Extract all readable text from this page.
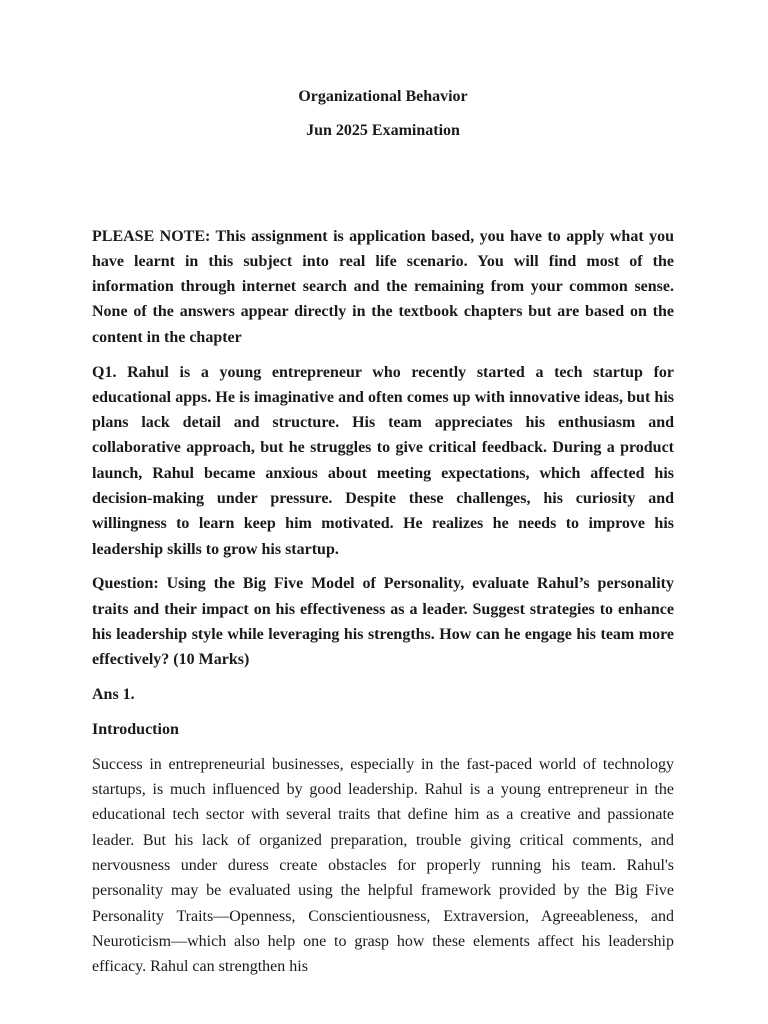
Organizational Behavior
Jun 2025 Examination

PLEASE NOTE: This assignment is application based, you have to apply what you have learnt in this subject into real life scenario. You will find most of the information through internet search and the remaining from your common sense. None of the answers appear directly in the textbook chapters but are based on the content in the chapter

Q1. Rahul is a young entrepreneur who recently started a tech startup for educational apps. He is imaginative and often comes up with innovative ideas, but his plans lack detail and structure. His team appreciates his enthusiasm and collaborative approach, but he struggles to give critical feedback. During a product launch, Rahul became anxious about meeting expectations, which affected his decision-making under pressure. Despite these challenges, his curiosity and willingness to learn keep him motivated. He realizes he needs to improve his leadership skills to grow his startup.

Question: Using the Big Five Model of Personality, evaluate Rahul’s personality traits and their impact on his effectiveness as a leader. Suggest strategies to enhance his leadership style while leveraging his strengths. How can he engage his team more effectively? (10 Marks)

Ans 1.

Introduction

Success in entrepreneurial businesses, especially in the fast-paced world of technology startups, is much influenced by good leadership. Rahul is a young entrepreneur in the educational tech sector with several traits that define him as a creative and passionate leader. But his lack of organized preparation, trouble giving critical comments, and nervousness under duress create obstacles for properly running his team. Rahul's personality may be evaluated using the helpful framework provided by the Big Five Personality Traits—Openness, Conscientiousness, Extraversion, Agreeableness, and Neuroticism—which also help one to grasp how these elements affect his leadership efficacy. Rahul can strengthen his
